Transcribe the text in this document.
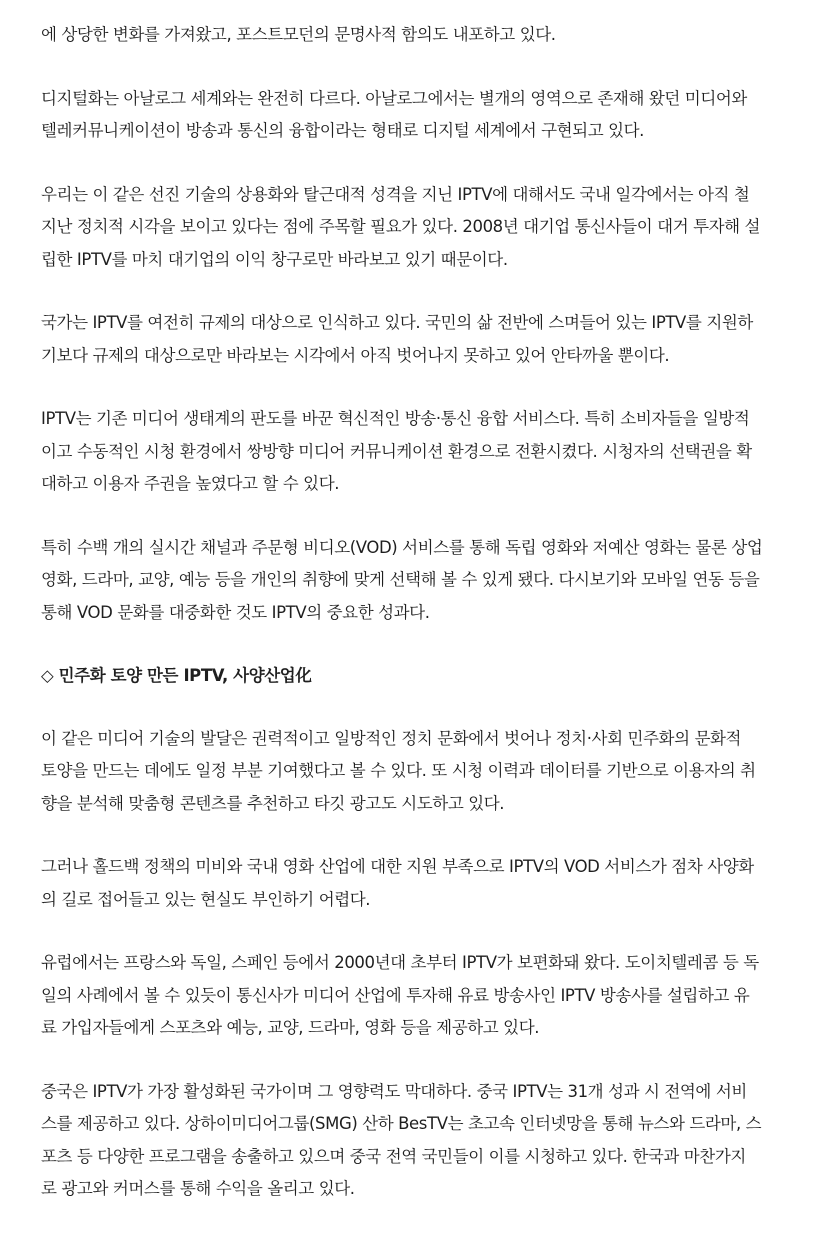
에 상당한 변화를 가져왔고, 포스트모던의 문명사적 함의도 내포하고 있다.

디지털화는 아날로그 세계와는 완전히 다르다. 아날로그에서는 별개의 영역으로 존재해 왔던 미디어와
텔레커뮤니케이션이 방송과 통신의 융합이라는 형태로 디지털 세계에서 구현되고 있다.

우리는 이 같은 선진 기술의 상용화와 탈근대적 성격을 지닌 IPTV에 대해서도 국내 일각에서는 아직 철
지난 정치적 시각을 보이고 있다는 점에 주목할 필요가 있다. 2008년 대기업 통신사들이 대거 투자해 설
립한 IPTV를 마치 대기업의 이익 창구로만 바라보고 있기 때문이다.

국가는 IPTV를 여전히 규제의 대상으로 인식하고 있다. 국민의 삶 전반에 스며들어 있는 IPTV를 지원하
기보다 규제의 대상으로만 바라보는 시각에서 아직 벗어나지 못하고 있어 안타까울 뿐이다.

IPTV는 기존 미디어 생태계의 판도를 바꾼 혁신적인 방송·통신 융합 서비스다. 특히 소비자들을 일방적
이고 수동적인 시청 환경에서 쌍방향 미디어 커뮤니케이션 환경으로 전환시켰다. 시청자의 선택권을 확
대하고 이용자 주권을 높였다고 할 수 있다.

특히 수백 개의 실시간 채널과 주문형 비디오(VOD) 서비스를 통해 독립 영화와 저예산 영화는 물론 상업
영화, 드라마, 교양, 예능 등을 개인의 취향에 맞게 선택해 볼 수 있게 됐다. 다시보기와 모바일 연동 등을
통해 VOD 문화를 대중화한 것도 IPTV의 중요한 성과다.

◇ 민주화 토양 만든 IPTV, 사양산업化

이 같은 미디어 기술의 발달은 권력적이고 일방적인 정치 문화에서 벗어나 정치·사회 민주화의 문화적
토양을 만드는 데에도 일정 부분 기여했다고 볼 수 있다. 또 시청 이력과 데이터를 기반으로 이용자의 취
향을 분석해 맞춤형 콘텐츠를 추천하고 타깃 광고도 시도하고 있다.

그러나 홀드백 정책의 미비와 국내 영화 산업에 대한 지원 부족으로 IPTV의 VOD 서비스가 점차 사양화
의 길로 접어들고 있는 현실도 부인하기 어렵다.

유럽에서는 프랑스와 독일, 스페인 등에서 2000년대 초부터 IPTV가 보편화돼 왔다. 도이치텔레콤 등 독
일의 사례에서 볼 수 있듯이 통신사가 미디어 산업에 투자해 유료 방송사인 IPTV 방송사를 설립하고 유
료 가입자들에게 스포츠와 예능, 교양, 드라마, 영화 등을 제공하고 있다.

중국은 IPTV가 가장 활성화된 국가이며 그 영향력도 막대하다. 중국 IPTV는 31개 성과 시 전역에 서비
스를 제공하고 있다. 상하이미디어그룹(SMG) 산하 BesTV는 초고속 인터넷망을 통해 뉴스와 드라마, 스
포츠 등 다양한 프로그램을 송출하고 있으며 중국 전역 국민들이 이를 시청하고 있다. 한국과 마찬가지
로 광고와 커머스를 통해 수익을 올리고 있다.
